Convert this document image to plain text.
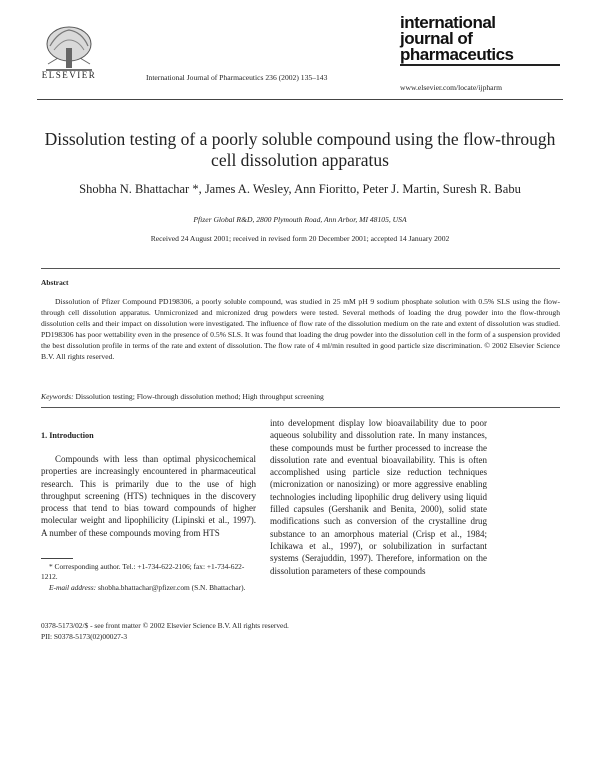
ELSEVIER	International Journal of Pharmaceutics 236 (2002) 135–143
international
journal of
pharmaceutics
www.elsevier.com/locate/ijpharm
Dissolution testing of a poorly soluble compound using the flow-through cell dissolution apparatus
Shobha N. Bhattachar *, James A. Wesley, Ann Fioritto, Peter J. Martin, Suresh R. Babu
Pfizer Global R&D, 2800 Plymouth Road, Ann Arbor, MI 48105, USA
Received 24 August 2001; received in revised form 20 December 2001; accepted 14 January 2002
Abstract
Dissolution of Pfizer Compound PD198306, a poorly soluble compound, was studied in 25 mM pH 9 sodium phosphate solution with 0.5% SLS using the flow-through cell dissolution apparatus. Unmicronized and micronized drug powders were tested. Several methods of loading the drug powder into the flow-through dissolution cells and their impact on dissolution were investigated. The influence of flow rate of the dissolution medium on the rate and extent of dissolution was studied. PD198306 has poor wettability even in the presence of 0.5% SLS. It was found that loading the drug powder into the dissolution cell in the form of a suspension provided the best dissolution profile in terms of the rate and extent of dissolution. The flow rate of 4 ml/min resulted in good particle size discrimination. © 2002 Elsevier Science B.V. All rights reserved.
Keywords: Dissolution testing; Flow-through dissolution method; High throughput screening
1. Introduction
Compounds with less than optimal physicochemical properties are increasingly encountered in pharmaceutical research. This is primarily due to the use of high throughput screening (HTS) techniques in the discovery process that tend to bias toward compounds of higher molecular weight and lipophilicity (Lipinski et al., 1997). A number of these compounds moving from HTS
into development display low bioavailability due to poor aqueous solubility and dissolution rate. In many instances, these compounds must be further processed to increase the dissolution rate and eventual bioavailability. This is often accomplished using particle size reduction techniques (micronization or nanosizing) or more aggressive enabling technologies including lipophilic drug delivery using liquid filled capsules (Gershanik and Benita, 2000), solid state modifications such as conversion of the crystalline drug substance to an amorphous material (Crisp et al., 1984; Ichikawa et al., 1997), or solubilization in surfactant systems (Serajuddin, 1997). Therefore, information on the dissolution parameters of these compounds

* Corresponding author. Tel.: +1-734-622-2106; fax: +1-734-622-1212.

E-mail address: shobha.bhattachar@pfizer.com (S.N. Bhattachar).

0378-5173/02/$ - see front matter © 2002 Elsevier Science B.V. All rights reserved.
PII: S0378-5173(02)00027-3
